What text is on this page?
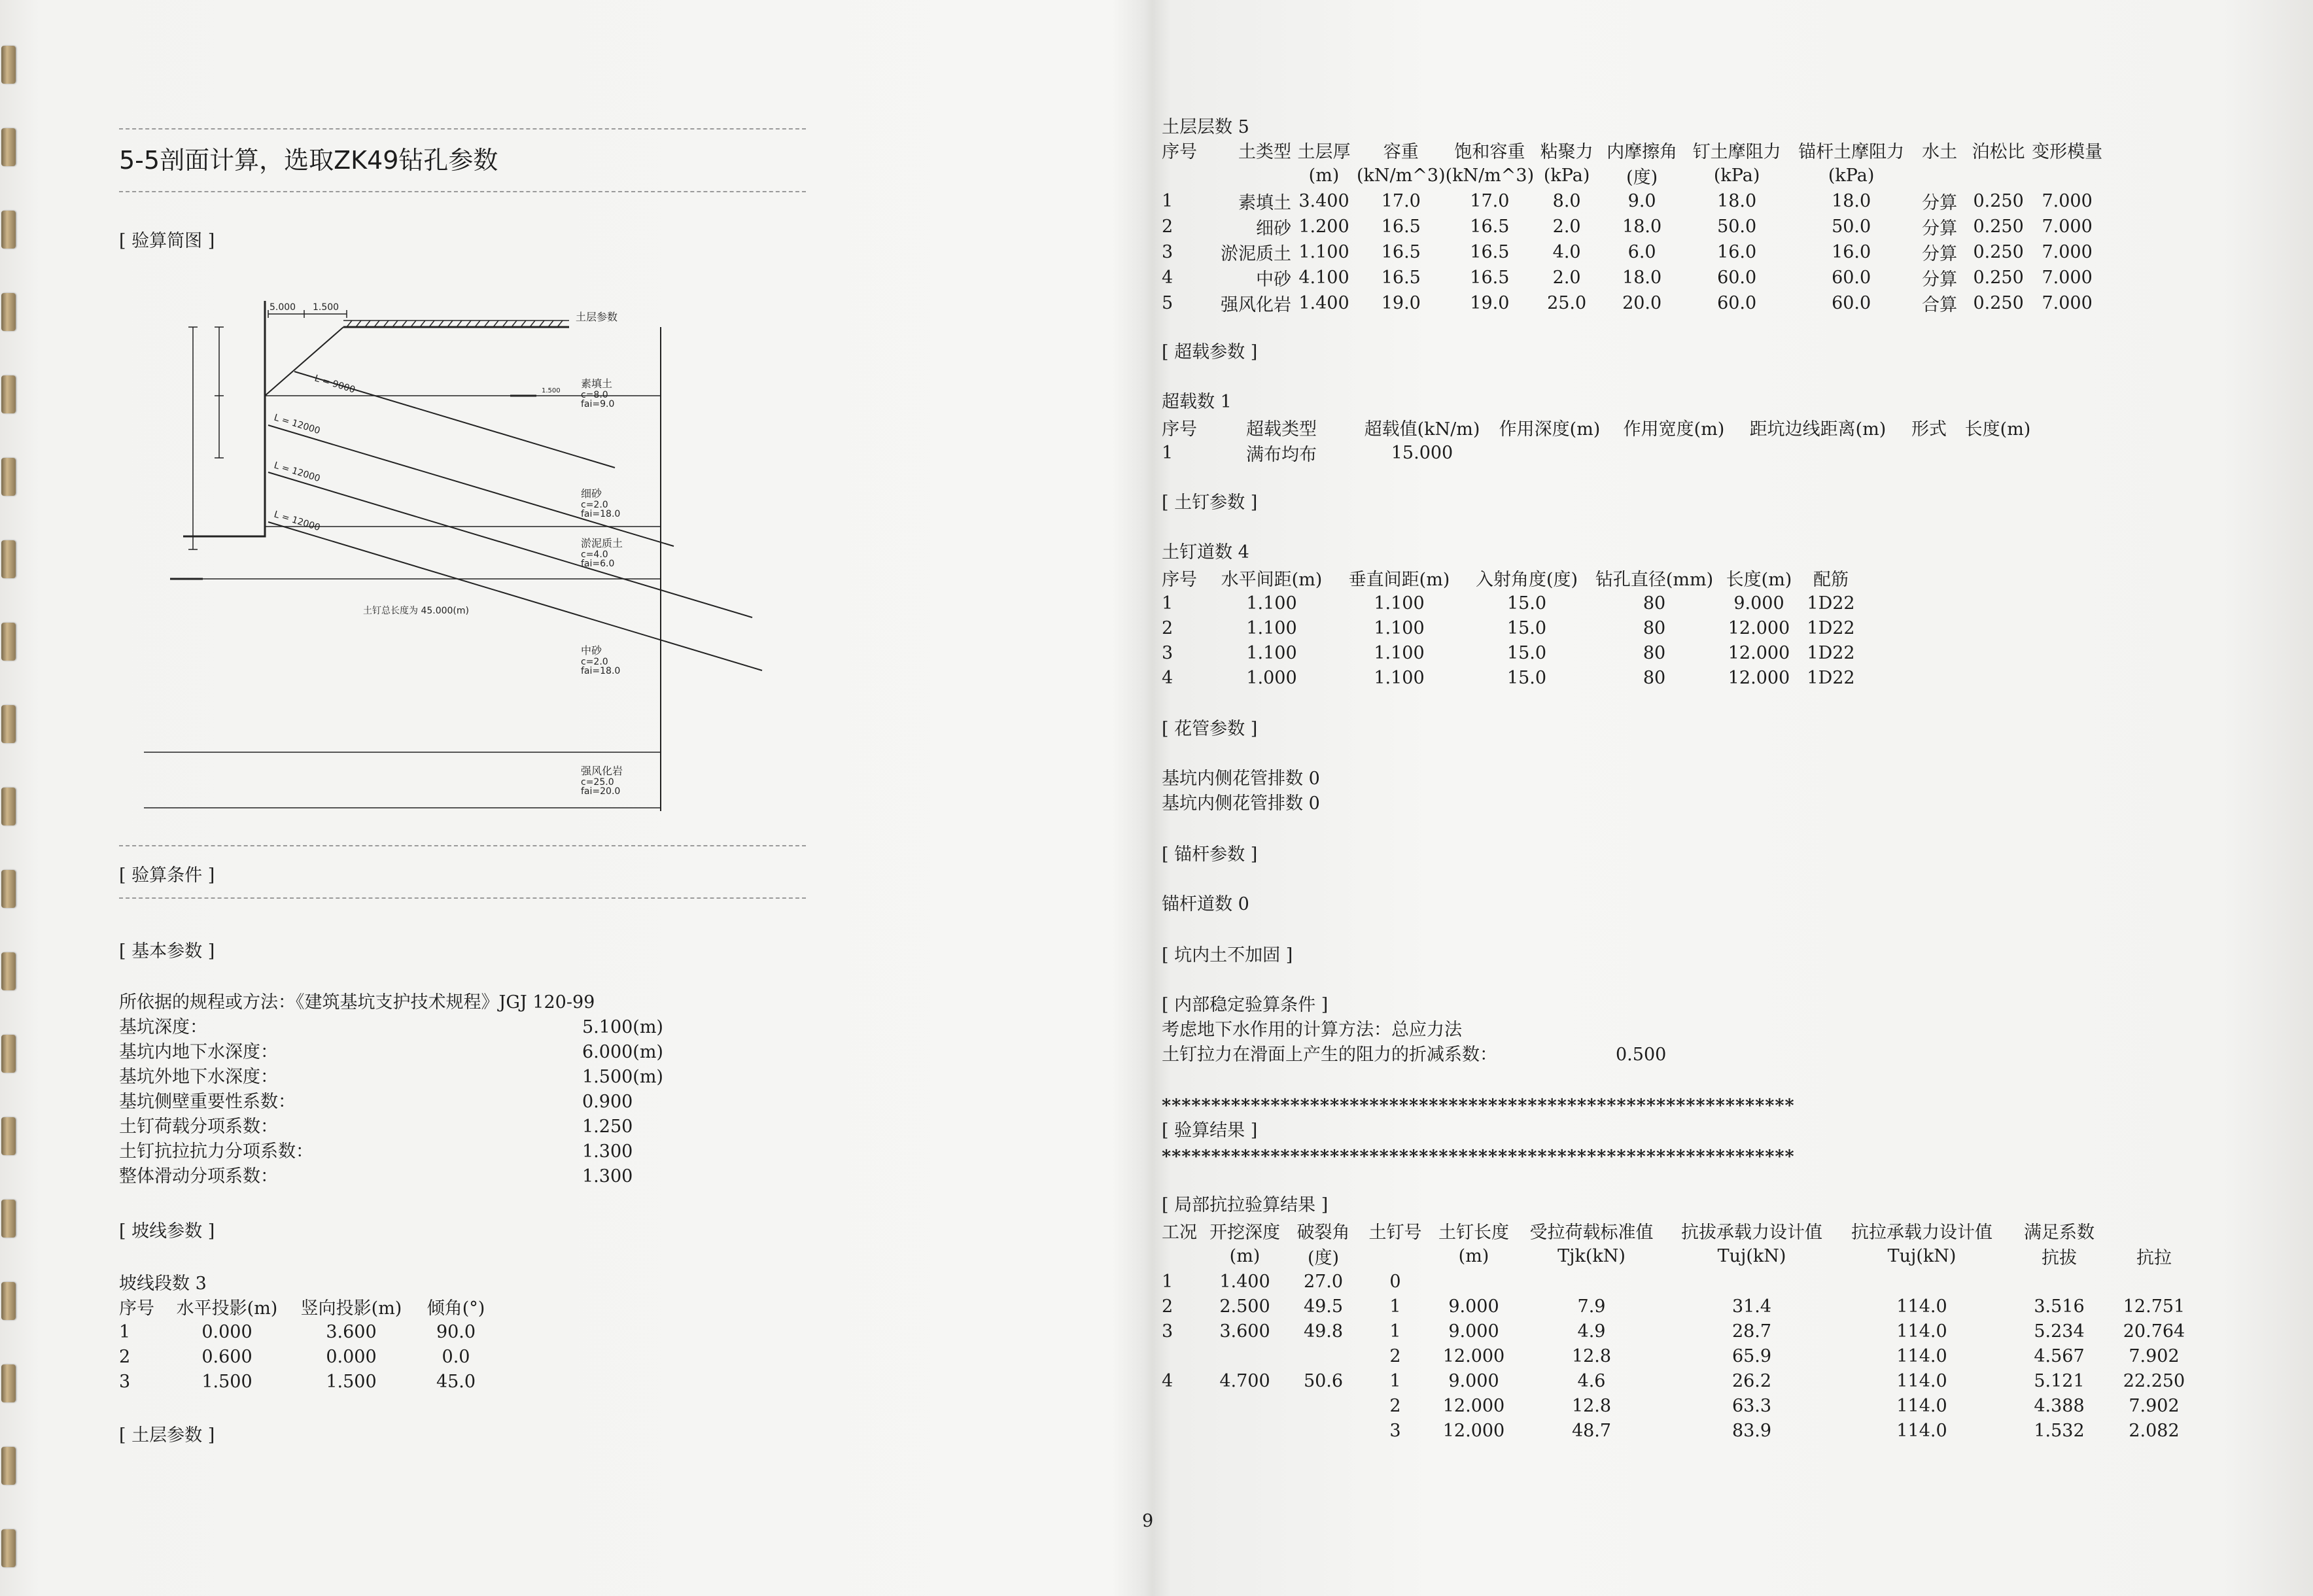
5-5剖面计算，选取ZK49钻孔参数
[ 验算简图 ]
5.000 1.500
L = 9000
L = 12000
L = 12000
L = 12000
土层参数
素填土
c=8.0
fai=9.0
细砂
c=2.0
fai=18.0
淤泥质土
c=4.0
fai=6.0
中砂
c=2.0
fai=18.0
强风化岩
c=25.0
fai=20.0
1.500
土钉总长度为 45.000(m)
[ 验算条件 ]
[ 基本参数 ]
所依据的规程或方法：《建筑基坑支护技术规程》JGJ 120-99
基坑深度：	5.100(m)
基坑内地下水深度：	6.000(m)
基坑外地下水深度：	1.500(m)
基坑侧壁重要性系数：	0.900
土钉荷载分项系数：	1.250
土钉抗拉抗力分项系数：	1.300
整体滑动分项系数：	1.300
[ 坡线参数 ]
坡线段数 3
序号	水平投影(m)	竖向投影(m)	倾角(°)
1	0.000	3.600	90.0
2	0.600	0.000	0.0
3	1.500	1.500	45.0
[ 土层参数 ]
土层层数 5
序号	土类型	土层厚	容重	饱和容重	粘聚力	内摩擦角	钉土摩阻力	锚杆土摩阻力	水土	泊松比	变形模量
		(m)	(kN/m^3)	(kN/m^3)	(kPa)	(度)	(kPa)	(kPa)			
1	素填土	3.400	17.0	17.0	8.0	9.0	18.0	18.0	分算	0.250	7.000
2	细砂	1.200	16.5	16.5	2.0	18.0	50.0	50.0	分算	0.250	7.000
3	淤泥质土	1.100	16.5	16.5	4.0	6.0	16.0	16.0	分算	0.250	7.000
4	中砂	4.100	16.5	16.5	2.0	18.0	60.0	60.0	分算	0.250	7.000
5	强风化岩	1.400	19.0	19.0	25.0	20.0	60.0	60.0	合算	0.250	7.000
[ 超载参数 ]
超载数 1
序号	超载类型	超载值(kN/m)	作用深度(m)	作用宽度(m)	距坑边线距离(m)	形式	长度(m)
1	满布均布	15.000					
[ 土钉参数 ]
土钉道数 4
序号	水平间距(m)	垂直间距(m)	入射角度(度)	钻孔直径(mm)	长度(m)	配筋
1	1.100	1.100	15.0	80	9.000	1D22
2	1.100	1.100	15.0	80	12.000	1D22
3	1.100	1.100	15.0	80	12.000	1D22
4	1.000	1.100	15.0	80	12.000	1D22
[ 花管参数 ]
基坑内侧花管排数 0
基坑内侧花管排数 0
[ 锚杆参数 ]
锚杆道数 0
[ 坑内土不加固 ]
[ 内部稳定验算条件 ]
考虑地下水作用的计算方法：总应力法
土钉拉力在滑面上产生的阻力的折减系数：	0.500
****************************************************************
[ 验算结果 ]
****************************************************************
[ 局部抗拉验算结果 ]
工况	开挖深度	破裂角	土钉号	土钉长度	受拉荷载标准值	抗拔承载力设计值	抗拉承载力设计值	满足系数	
	(m)	(度)		(m)	Tjk(kN)	Tuj(kN)	Tuj(kN)	抗拔	抗拉
1	1.400	27.0	0						
2	2.500	49.5	1	9.000	7.9	31.4	114.0	3.516	12.751
3	3.600	49.8	1	9.000	4.9	28.7	114.0	5.234	20.764
			2	12.000	12.8	65.9	114.0	4.567	7.902
4	4.700	50.6	1	9.000	4.6	26.2	114.0	5.121	22.250
			2	12.000	12.8	63.3	114.0	4.388	7.902
			3	12.000	48.7	83.9	114.0	1.532	2.082
9
